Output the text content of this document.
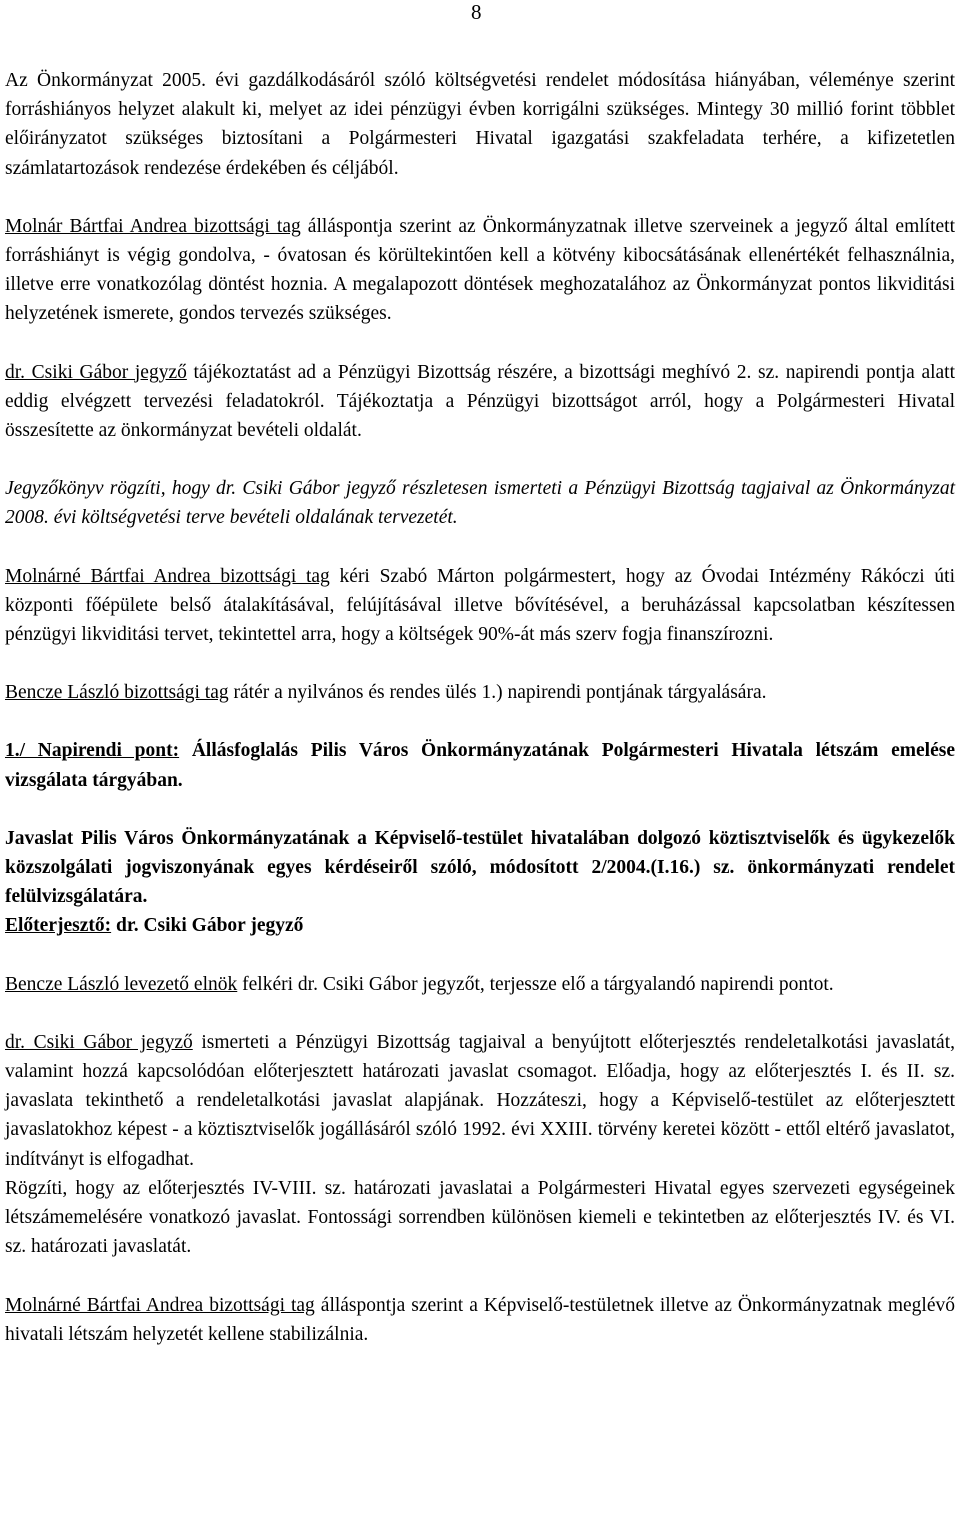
8

Az Önkormányzat 2005. évi gazdálkodásáról szóló költségvetési rendelet módosítása hiányában, véleménye szerint forráshiányos helyzet alakult ki, melyet az idei pénzügyi évben korrigálni szükséges. Mintegy 30 millió forint többlet előirányzatot szükséges biztosítani a Polgármesteri Hivatal igazgatási szakfeladata terhére, a kifizetetlen számlatartozások rendezése érdekében és céljából.

Molnár Bártfai Andrea bizottsági tag álláspontja szerint az Önkormányzatnak illetve szerveinek a jegyző által említett forráshiányt is végig gondolva, - óvatosan és körültekintően kell a kötvény kibocsátásának ellenértékét felhasználnia, illetve erre vonatkozólag döntést hoznia. A megalapozott döntések meghozatalához az Önkormányzat pontos likviditási helyzetének ismerete, gondos tervezés szükséges.

dr. Csiki Gábor jegyző tájékoztatást ad a Pénzügyi Bizottság részére, a bizottsági meghívó 2. sz. napirendi pontja alatt eddig elvégzett tervezési feladatokról. Tájékoztatja a Pénzügyi bizottságot arról, hogy a Polgármesteri Hivatal összesítette az önkormányzat bevételi oldalát.

Jegyzőkönyv rögzíti, hogy dr. Csiki Gábor jegyző részletesen ismerteti a Pénzügyi Bizottság tagjaival az Önkormányzat 2008. évi költségvetési terve bevételi oldalának tervezetét.

Molnárné Bártfai Andrea bizottsági tag kéri Szabó Márton polgármestert, hogy az Óvodai Intézmény Rákóczi úti központi főépülete belső átalakításával, felújításával illetve bővítésével, a beruházással kapcsolatban készítessen pénzügyi likviditási tervet, tekintettel arra, hogy a költségek 90%-át más szerv fogja finanszírozni.

Bencze László bizottsági tag rátér a nyilvános és rendes ülés 1.) napirendi pontjának tárgyalására.

1./ Napirendi pont: Állásfoglalás Pilis Város Önkormányzatának Polgármesteri Hivatala létszám emelése vizsgálata tárgyában.

Javaslat Pilis Város Önkormányzatának a Képviselő-testület hivatalában dolgozó köztisztviselők és ügykezelők közszolgálati jogviszonyának egyes kérdéseiről szóló, módosított 2/2004.(I.16.) sz. önkormányzati rendelet felülvizsgálatára.
Előterjesztő: dr. Csiki Gábor jegyző

Bencze László levezető elnök felkéri dr. Csiki Gábor jegyzőt, terjessze elő a tárgyalandó napirendi pontot.

dr. Csiki Gábor jegyző ismerteti a Pénzügyi Bizottság tagjaival a benyújtott előterjesztés rendeletalkotási javaslatát, valamint hozzá kapcsolódóan előterjesztett határozati javaslat csomagot. Előadja, hogy az előterjesztés I. és II. sz. javaslata tekinthető a rendeletalkotási javaslat alapjának. Hozzáteszi, hogy a Képviselő-testület az előterjesztett javaslatokhoz képest - a köztisztviselők jogállásáról szóló 1992. évi XXIII. törvény keretei között - ettől eltérő javaslatot, indítványt is elfogadhat.

Rögzíti, hogy az előterjesztés IV-VIII. sz. határozati javaslatai a Polgármesteri Hivatal egyes szervezeti egységeinek létszámemelésére vonatkozó javaslat. Fontossági sorrendben különösen kiemeli e tekintetben az előterjesztés IV. és VI. sz. határozati javaslatát.

Molnárné Bártfai Andrea bizottsági tag álláspontja szerint a Képviselő-testületnek illetve az Önkormányzatnak meglévő hivatali létszám helyzetét kellene stabilizálnia.
